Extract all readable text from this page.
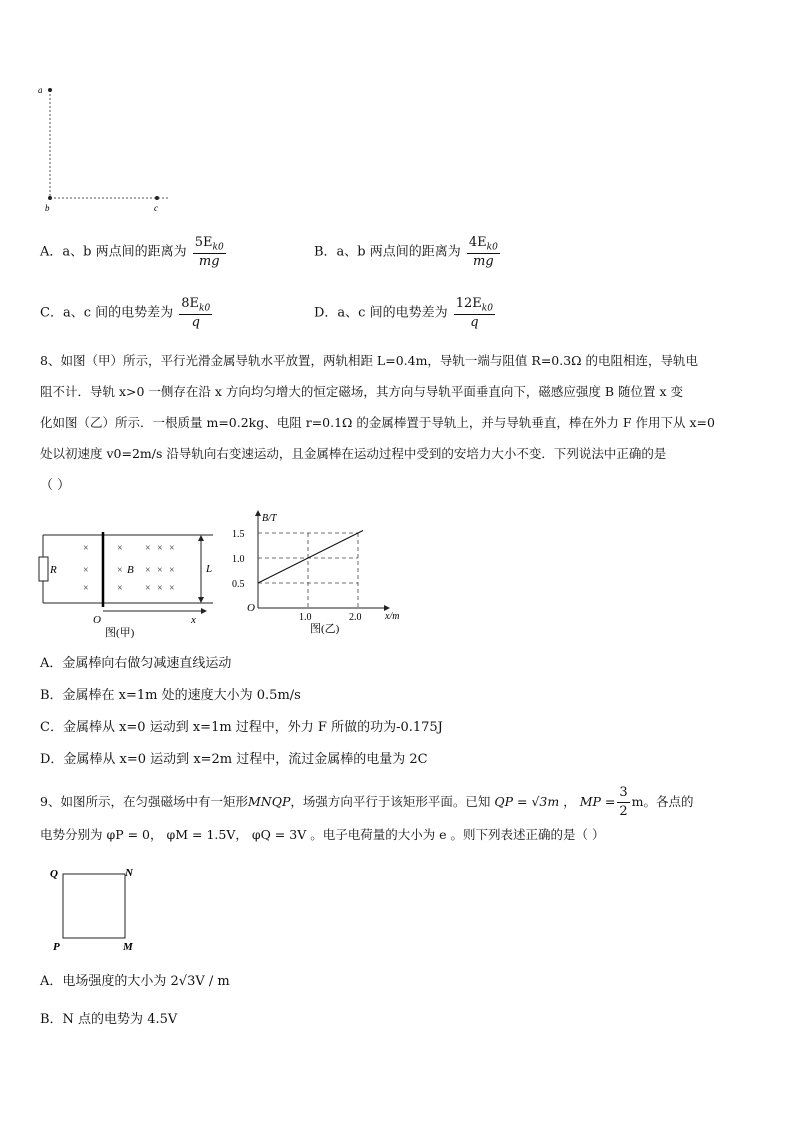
a
b	c
A．a、b 两点间的距离为 $\frac{5E_{k0}}{mg}$	B．a、b 两点间的距离为 $\frac{4E_{k0}}{mg}$
C．a、c 间的电势差为 $\frac{8E_{k0}}{q}$	D．a、c 间的电势差为 $\frac{12E_{k0}}{q}$
8、如图（甲）所示，平行光滑金属导轨水平放置，两轨相距 L=0.4m，导轨一端与阻值 R=0.3Ω 的电阻相连，导轨电
阻不计．导轨 x>0 一侧存在沿 x 方向均匀增大的恒定磁场，其方向与导轨平面垂直向下，磁感应强度 B 随位置 x 变
化如图（乙）所示．一根质量 m=0.2kg、电阻 r=0.1Ω 的金属棒置于导轨上，并与导轨垂直，棒在外力 F 作用下从 x=0
处以初速度 v0=2m/s 沿导轨向右变速运动，且金属棒在运动过程中受到的安培力大小不变．下列说法中正确的是
（ ）
R
×
×
×
×
×
×
×
×
×
×
×
×
×
×
×
B	L
O	x
图(甲)
B/T
x/m
O
0.5
1.0
1.5
1.0	2.0
图(乙)
A．金属棒向右做匀减速直线运动
B．金属棒在 x=1m 处的速度大小为 0.5m/s
C．金属棒从 x=0 运动到 x=1m 过程中，外力 F 所做的功为-0.175J
D．金属棒从 x=0 运动到 x=2m 过程中，流过金属棒的电量为 2C
9、如图所示，在匀强磁场中有一矩形MNQP，场强方向平行于该矩形平面。已知 QP = √3m ， MP = $\frac{3}{2}$ m。各点的
电势分别为 φP = 0， φM = 1.5V， φQ = 3V 。电子电荷量的大小为 e 。则下列表述正确的是（ ）
Q	N
P	M
A．电场强度的大小为 2√3V / m
B．N 点的电势为 4.5V
